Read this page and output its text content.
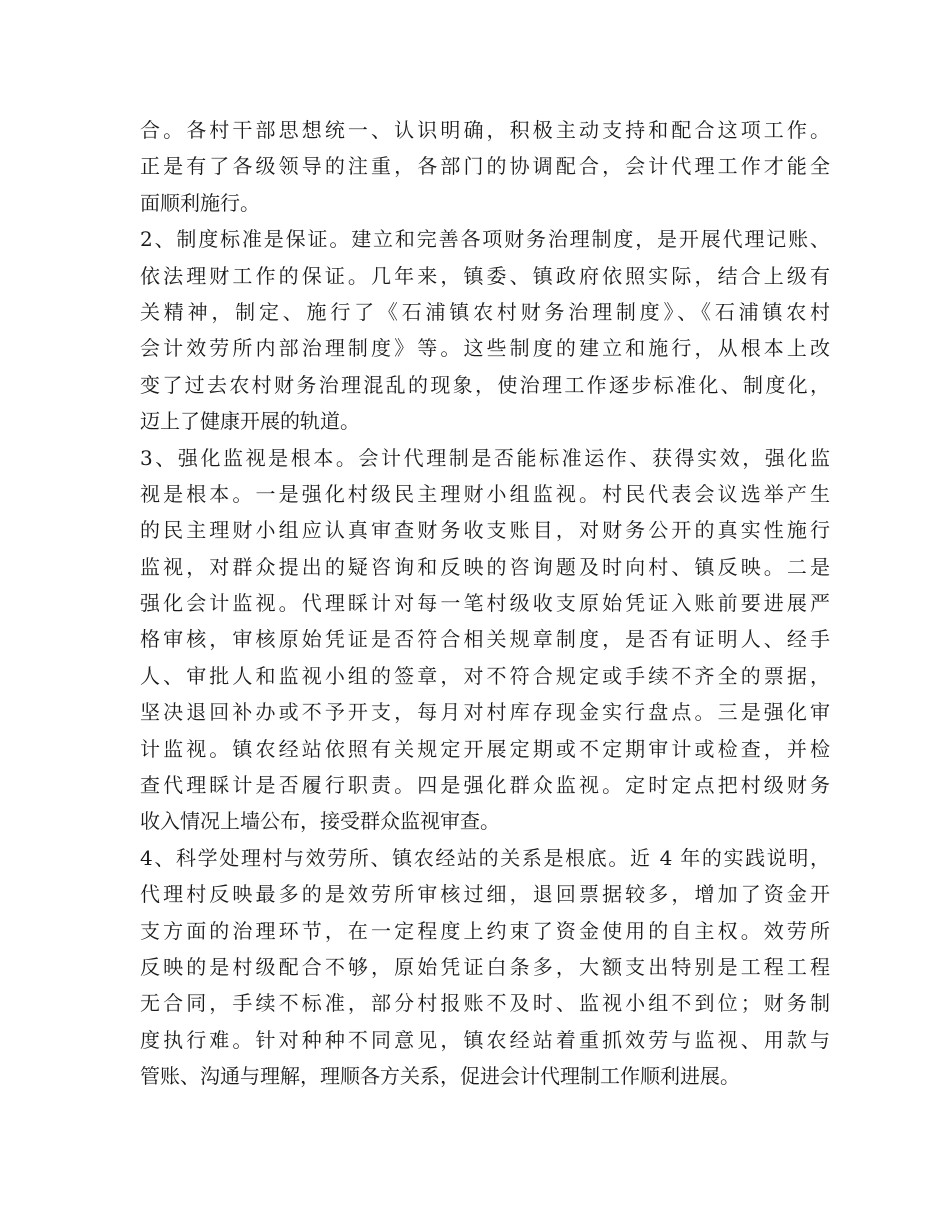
合。各村干部思想统一、认识明确，积极主动支持和配合这项工作。
正是有了各级领导的注重，各部门的协调配合，会计代理工作才能全
面顺利施行。
2、制度标准是保证。建立和完善各项财务治理制度，是开展代理记账、
依法理财工作的保证。几年来，镇委、镇政府依照实际，结合上级有
关精神，制定、施行了《石浦镇农村财务治理制度》、《石浦镇农村
会计效劳所内部治理制度》等。这些制度的建立和施行，从根本上改
变了过去农村财务治理混乱的现象，使治理工作逐步标准化、制度化，
迈上了健康开展的轨道。
3、强化监视是根本。会计代理制是否能标准运作、获得实效，强化监
视是根本。一是强化村级民主理财小组监视。村民代表会议选举产生
的民主理财小组应认真审查财务收支账目，对财务公开的真实性施行
监视，对群众提出的疑咨询和反映的咨询题及时向村、镇反映。二是
强化会计监视。代理睬计对每一笔村级收支原始凭证入账前要进展严
格审核，审核原始凭证是否符合相关规章制度，是否有证明人、经手
人、审批人和监视小组的签章，对不符合规定或手续不齐全的票据，
坚决退回补办或不予开支，每月对村库存现金实行盘点。三是强化审
计监视。镇农经站依照有关规定开展定期或不定期审计或检查，并检
查代理睬计是否履行职责。四是强化群众监视。定时定点把村级财务
收入情况上墙公布，接受群众监视审查。
4、科学处理村与效劳所、镇农经站的关系是根底。近 4 年的实践说明，
代理村反映最多的是效劳所审核过细，退回票据较多，增加了资金开
支方面的治理环节，在一定程度上约束了资金使用的自主权。效劳所
反映的是村级配合不够，原始凭证白条多，大额支出特别是工程工程
无合同，手续不标准，部分村报账不及时、监视小组不到位；财务制
度执行难。针对种种不同意见，镇农经站着重抓效劳与监视、用款与
管账、沟通与理解，理顺各方关系，促进会计代理制工作顺利进展。
